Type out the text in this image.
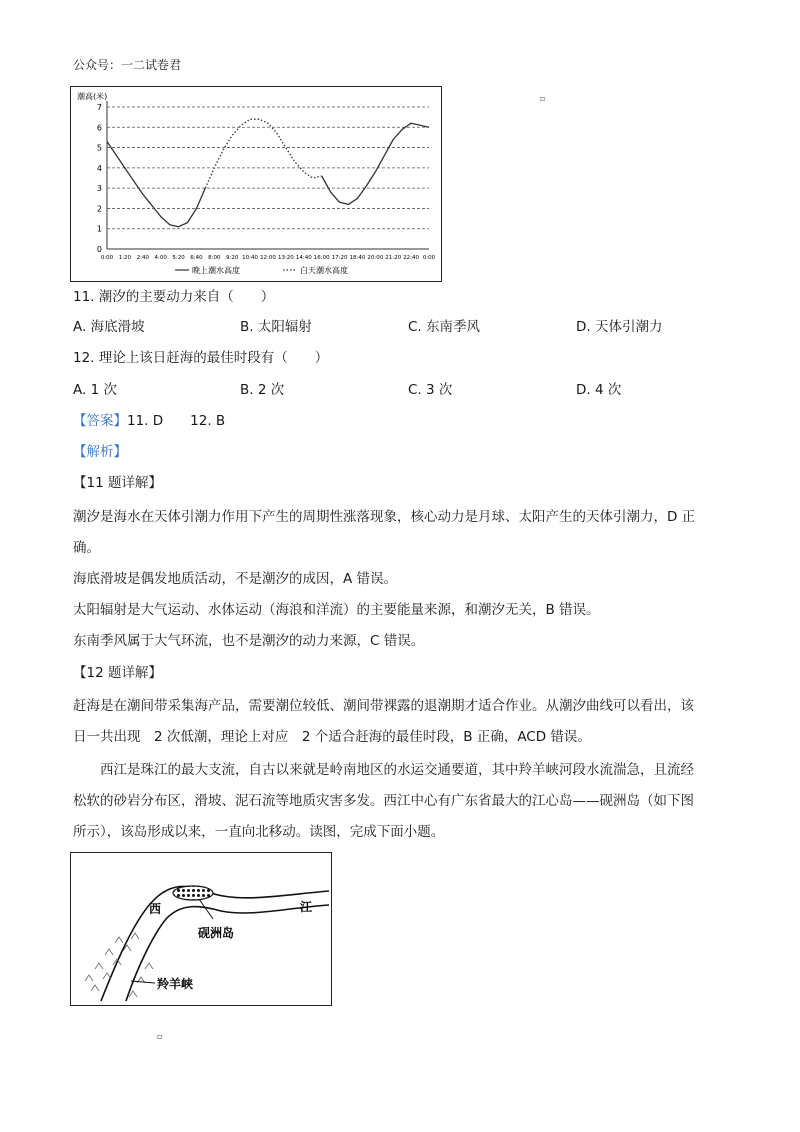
公众号：一二试卷君
▫
潮高(米)
0
1
2
3
4
5
6
7
0:00 1:20 2:40 4:00 5:20 6:40 8:00 9:20 10:40 12:00 13:20 14:40 16:00 17:20 18:40 20:00 21:20 22:40 0:00
晚上潮水高度	白天潮水高度
11. 潮汐的主要动力来自（　　）
A. 海底滑坡	B. 太阳辐射	C. 东南季风	D. 天体引潮力
12. 理论上该日赶海的最佳时段有（　　）
A. 1 次	B. 2 次	C. 3 次	D. 4 次
【答案】11. D　　12. B
【解析】
【11 题详解】
潮汐是海水在天体引潮力作用下产生的周期性涨落现象，核心动力是月球、太阳产生的天体引潮力，D 正
确。
海底滑坡是偶发地质活动，不是潮汐的成因，A 错误。
太阳辐射是大气运动、水体运动（海浪和洋流）的主要能量来源，和潮汐无关，B 错误。
东南季风属于大气环流，也不是潮汐的动力来源，C 错误。
【12 题详解】
赶海是在潮间带采集海产品，需要潮位较低、潮间带裸露的退潮期才适合作业。从潮汐曲线可以看出，该
日一共出现　2 次低潮，理论上对应　2 个适合赶海的最佳时段，B 正确，ACD 错误。
西江是珠江的最大支流，自古以来就是岭南地区的水运交通要道，其中羚羊峡河段水流湍急，且流经
松软的砂岩分布区，滑坡、泥石流等地质灾害多发。西江中心有广东省最大的江心岛——砚洲岛（如下图
所示），该岛形成以来，一直向北移动。读图，完成下面小题。
砚洲岛
西	江
羚羊峡
▫
